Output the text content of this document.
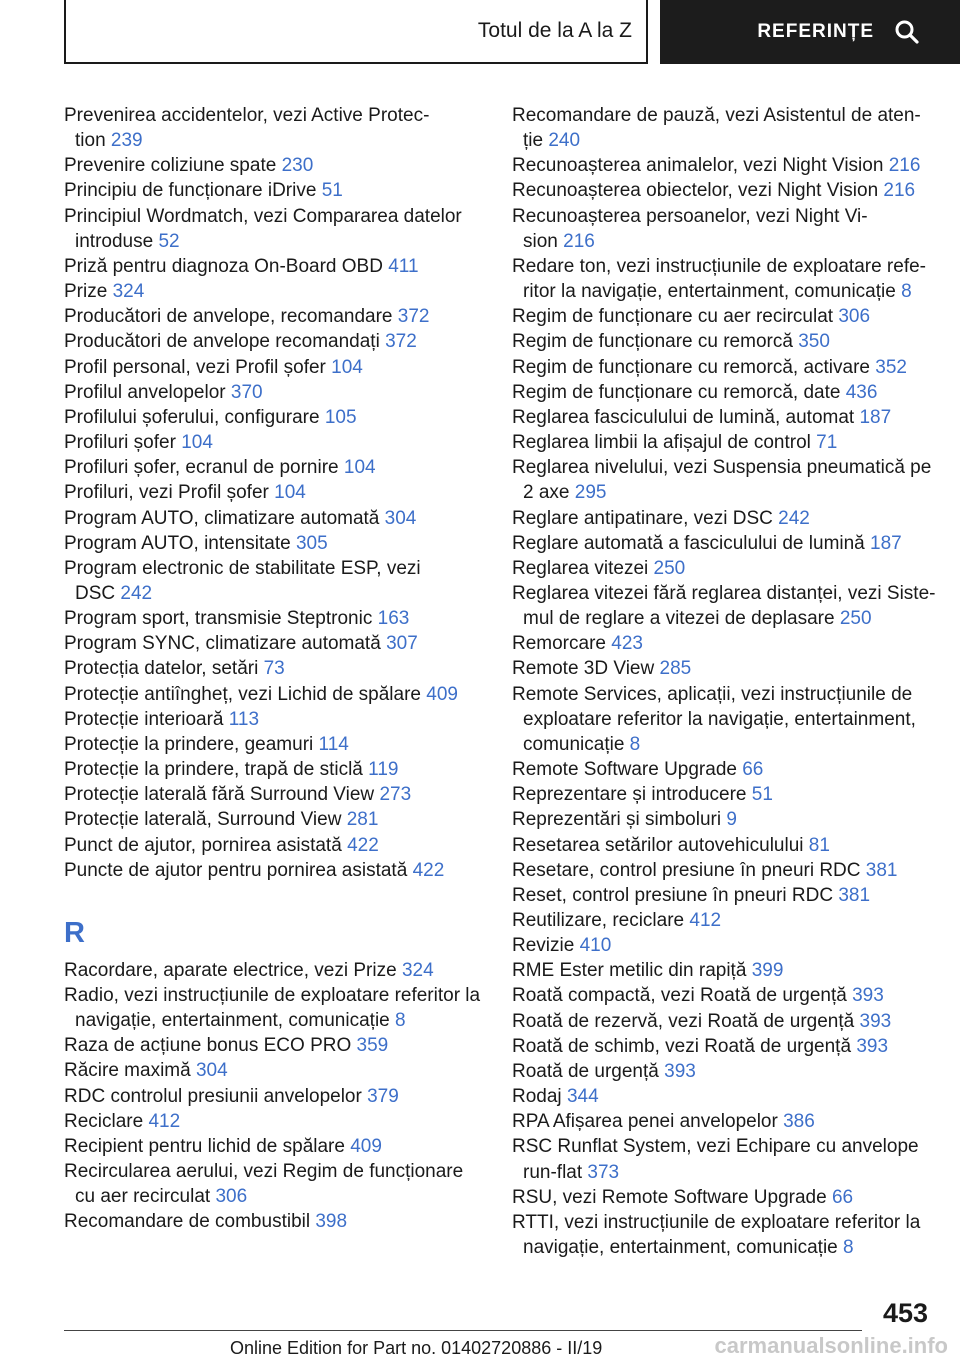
Totul de la A la Z	REFERINȚE
Prevenirea accidentelor, vezi Active Protec-
tion 239
Prevenire coliziune spate 230
Principiu de funcționare iDrive 51
Principiul Wordmatch, vezi Compararea datelor
introduse 52
Priză pentru diagnoza On-Board OBD 411
Prize 324
Producători de anvelope, recomandare 372
Producători de anvelope recomandați 372
Profil personal, vezi Profil șofer 104
Profilul anvelopelor 370
Profilului șoferului, configurare 105
Profiluri șofer 104
Profiluri șofer, ecranul de pornire 104
Profiluri, vezi Profil șofer 104
Program AUTO, climatizare automată 304
Program AUTO, intensitate 305
Program electronic de stabilitate ESP, vezi
DSC 242
Program sport, transmisie Steptronic 163
Program SYNC, climatizare automată 307
Protecția datelor, setări 73
Protecție antiîngheț, vezi Lichid de spălare 409
Protecție interioară 113
Protecție la prindere, geamuri 114
Protecție la prindere, trapă de sticlă 119
Protecție laterală fără Surround View 273
Protecție laterală, Surround View 281
Punct de ajutor, pornirea asistată 422
Puncte de ajutor pentru pornirea asistată 422
R
Racordare, aparate electrice, vezi Prize 324
Radio, vezi instrucțiunile de exploatare referitor la
navigație, entertainment, comunicație 8
Raza de acțiune bonus ECO PRO 359
Răcire maximă 304
RDC controlul presiunii anvelopelor 379
Reciclare 412
Recipient pentru lichid de spălare 409
Recircularea aerului, vezi Regim de funcționare
cu aer recirculat 306
Recomandare de combustibil 398
Recomandare de pauză, vezi Asistentul de aten-
ție 240
Recunoașterea animalelor, vezi Night Vision 216
Recunoașterea obiectelor, vezi Night Vision 216
Recunoașterea persoanelor, vezi Night Vi-
sion 216
Redare ton, vezi instrucțiunile de exploatare refe-
ritor la navigație, entertainment, comunicație 8
Regim de funcționare cu aer recirculat 306
Regim de funcționare cu remorcă 350
Regim de funcționare cu remorcă, activare 352
Regim de funcționare cu remorcă, date 436
Reglarea fasciculului de lumină, automat 187
Reglarea limbii la afișajul de control 71
Reglarea nivelului, vezi Suspensia pneumatică pe
2 axe 295
Reglare antipatinare, vezi DSC 242
Reglare automată a fasciculului de lumină 187
Reglarea vitezei 250
Reglarea vitezei fără reglarea distanței, vezi Siste-
mul de reglare a vitezei de deplasare 250
Remorcare 423
Remote 3D View 285
Remote Services, aplicații, vezi instrucțiunile de
exploatare referitor la navigație, entertainment,
comunicație 8
Remote Software Upgrade 66
Reprezentare și introducere 51
Reprezentări și simboluri 9
Resetarea setărilor autovehiculului 81
Resetare, control presiune în pneuri RDC 381
Reset, control presiune în pneuri RDC 381
Reutilizare, reciclare 412
Revizie 410
RME Ester metilic din rapiță 399
Roată compactă, vezi Roată de urgență 393
Roată de rezervă, vezi Roată de urgență 393
Roată de schimb, vezi Roată de urgență 393
Roată de urgență 393
Rodaj 344
RPA Afișarea penei anvelopelor 386
RSC Runflat System, vezi Echipare cu anvelope
run-flat 373
RSU, vezi Remote Software Upgrade 66
RTTI, vezi instrucțiunile de exploatare referitor la
navigație, entertainment, comunicație 8
453
Online Edition for Part no. 01402720886 - II/19	carmanualsonline.info
